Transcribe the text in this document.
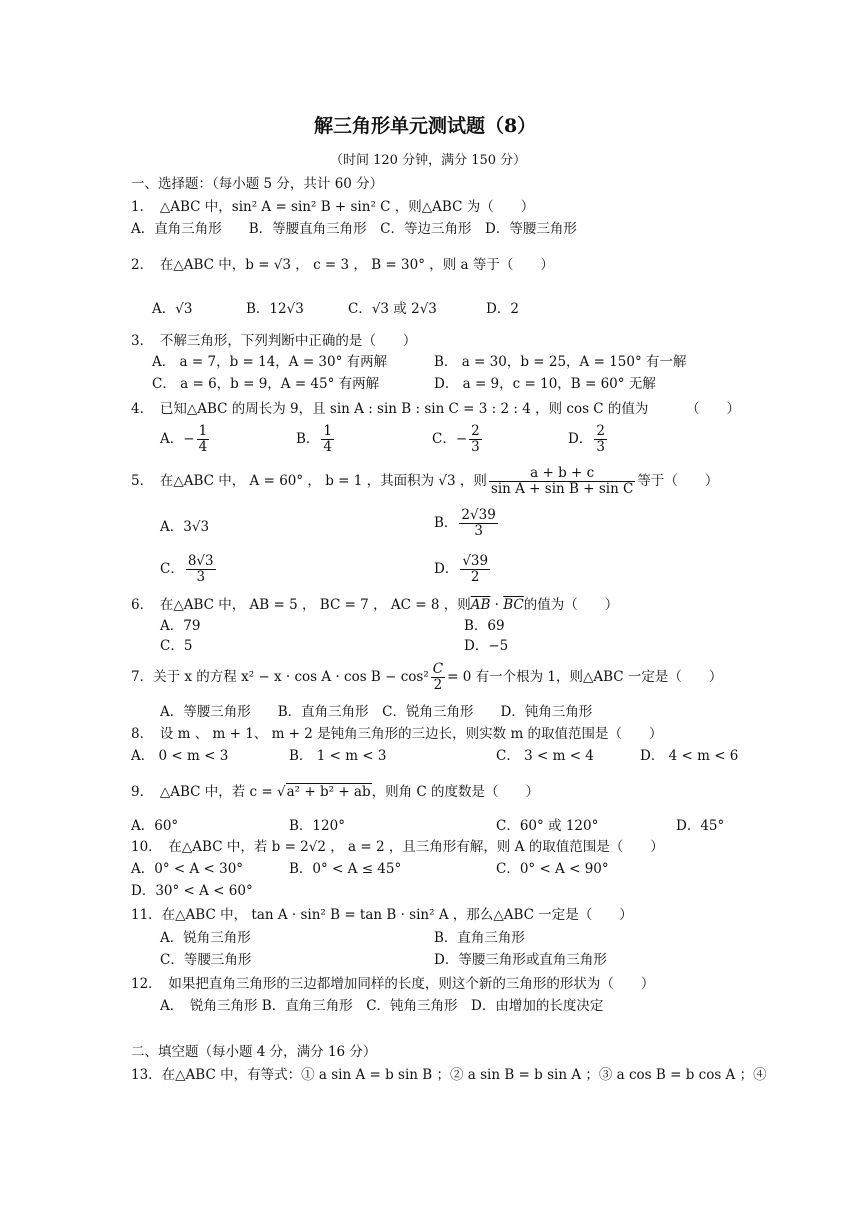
解三角形单元测试题（8）
（时间 120 分钟，满分 150 分）
一、选择题：（每小题 5 分，共计 60 分）
1．　△ABC 中，sin² A = sin² B + sin² C ，则△ABC 为（　　）
A．直角三角形　　B．等腰直角三角形　C．等边三角形　D．等腰三角形
2．　在△ABC 中，b = √3 ， c = 3 ， B = 30° ，则 a 等于（　　）
A．√3	B．12√3	C．√3 或 2√3	D．2
3．　不解三角形，下列判断中正确的是（　　）
A． a = 7，b = 14，A = 30° 有两解	B． a = 30，b = 25，A = 150° 有一解
C． a = 6，b = 9，A = 45° 有两解	D． a = 9，c = 10，B = 60° 无解
4．　已知△ABC 的周长为 9，且 sin A : sin B : sin C = 3 : 2 : 4 ，则 cos C 的值为	（　　）
A．− $\frac{1}{4}$	B． $\frac{1}{4}$	C．− $\frac{2}{3}$	D． $\frac{2}{3}$
5．　在△ABC 中， A = 60° ， b = 1 ，其面积为 √3 ，则 $\frac{a + b + c}{\text{sin A + sin B + sin C}}$ 等于（　　）
A．3√3	B． $\frac{2√39}{3}$
C． $\frac{8√3}{3}$	D． $\frac{√39}{2}$
6．　在△ABC 中， AB = 5 ， BC = 7 ， AC = 8 ，则$\overline{AB} \cdot \overline{BC}$的值为（　　）
A．79	B．69
C．5	D．−5
7．关于 x 的方程 $x^2 - x \cdot \cos A \cdot \cos B - \cos^2 \frac{C}{2} = 0$ 有一个根为 1，则△ABC 一定是（　　）
A．等腰三角形　　B．直角三角形　C．锐角三角形　　D．钝角三角形
8．　设 m 、 m + 1、 m + 2 是钝角三角形的三边长，则实数 m 的取值范围是（　　）
A． 0 < m < 3	B． 1 < m < 3	C． 3 < m < 4	D． 4 < m < 6
9．　△ABC 中，若 c = √a² + b² + ab，则角 C 的度数是（　　）
A．60°	B．120°	C．60° 或 120°	D．45°
10．　在△ABC 中，若 b = 2√2 ， a = 2 ，且三角形有解，则 A 的取值范围是（　　）
A．0° < A < 30°	B．0° < A ≤ 45°	C．0° < A < 90°
D．30° < A < 60°
11．在△ABC 中， tan A · sin² B = tan B · sin² A ，那么△ABC 一定是（　　）
A．锐角三角形	B．直角三角形
C．等腰三角形	D．等腰三角形或直角三角形
12．　如果把直角三角形的三边都增加同样的长度，则这个新的三角形的形状为（　　）
A．　锐角三角形 B．直角三角形　C．钝角三角形　D．由增加的长度决定
二、填空题（每小题 4 分，满分 16 分）
13．在△ABC 中，有等式：① a sin A = b sin B ；② a sin B = b sin A ；③ a cos B = b cos A ；④
